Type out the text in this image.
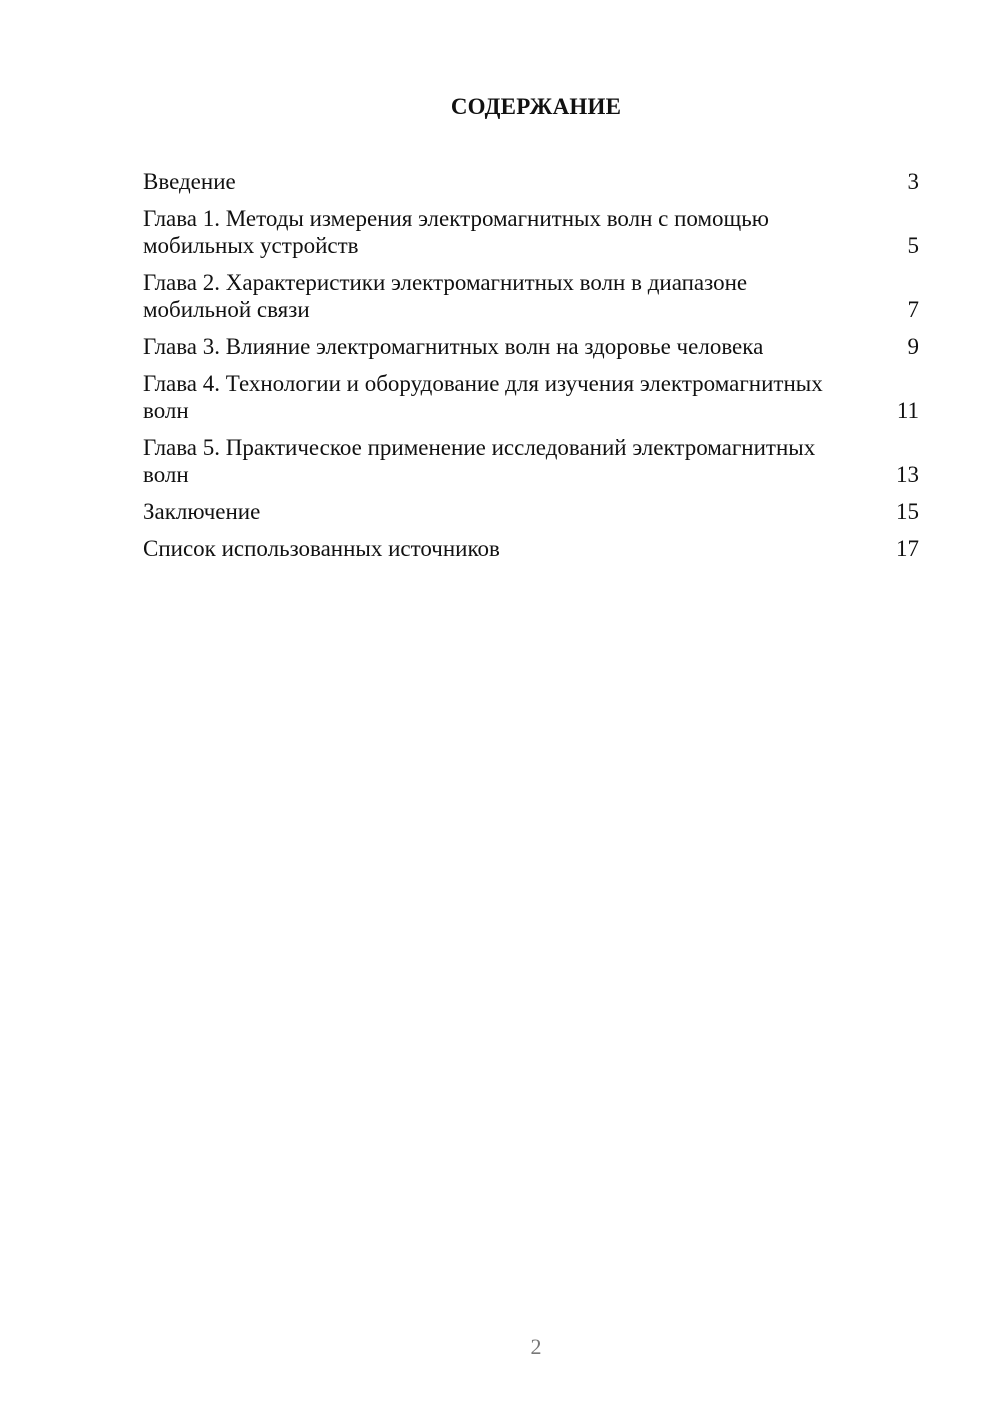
СОДЕРЖАНИЕ
Введение	3
Глава 1. Методы измерения электромагнитных волн с помощью мобильных устройств	5
Глава 2. Характеристики электромагнитных волн в диапазоне мобильной связи	7
Глава 3. Влияние электромагнитных волн на здоровье человека	9
Глава 4. Технологии и оборудование для изучения электромагнитных волн	11
Глава 5. Практическое применение исследований электромагнитных волн	13
Заключение	15
Список использованных источников	17
2
